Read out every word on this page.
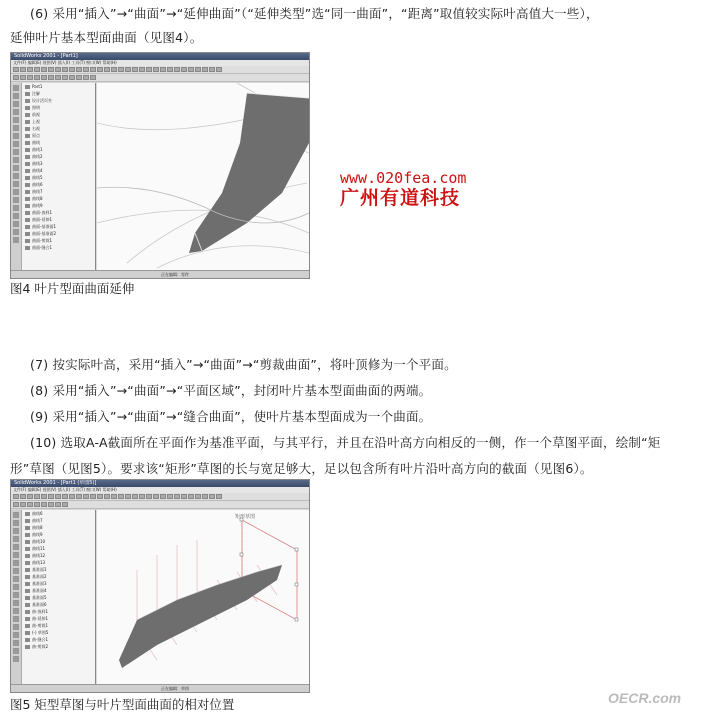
(6) 采用“插入”→“曲面”→“延伸曲面”（“延伸类型”选“同一曲面”，“距离”取值较实际叶高值大一些），
延伸叶片基本型面曲面（见图4）。
SolidWorks 2001 - [Part1]
文件(F) 编辑(E) 视图(V) 插入(I) 工具(T) 窗口(W) 帮助(H)
Part1
注解
设计活页夹
照明
前视
上视
右视
原点
曲线
曲线1
曲线2
曲线3
曲线4
曲线5
曲线6
曲线7
曲线8
曲线9
曲面-放样1
曲面-延伸1
曲面-基准面1
曲面-基准面2
曲面-剪裁1
曲面-缝合1
正在编辑：零件
www.020fea.com
广州有道科技
图4 叶片型面曲面延伸
(7) 按实际叶高，采用“插入”→“曲面”→“剪裁曲面”，将叶顶修为一个平面。
(8) 采用“插入”→“曲面”→“平面区域”，封闭叶片基本型面曲面的两端。
(9) 采用“插入”→“曲面”→“缝合曲面”，使叶片基本型面成为一个曲面。
(10) 选取A-A截面所在平面作为基准平面，与其平行，并且在沿叶高方向相反的一侧，作一个草图平面，绘制“矩
形”草图（见图5）。要求该“矩形”草图的长与宽足够大，足以包含所有叶片沿叶高方向的截面（见图6）。
SolidWorks 2001 - [Part1 (草图5)]
文件(F) 编辑(E) 视图(V) 插入(I) 工具(T) 窗口(W) 帮助(H)
曲线6
曲线7
曲线8
曲线9
曲线10
曲线11
曲线12
曲线13
基准面1
基准面2
基准面3
基准面4
基准面5
基准面6
曲-放样1
曲-延伸1
曲-剪裁1
(-) 草图5
曲-缝合1
曲-剪裁2
矩形草图
正在编辑：草图
图5 矩型草图与叶片型面曲面的相对位置	OECR.com
